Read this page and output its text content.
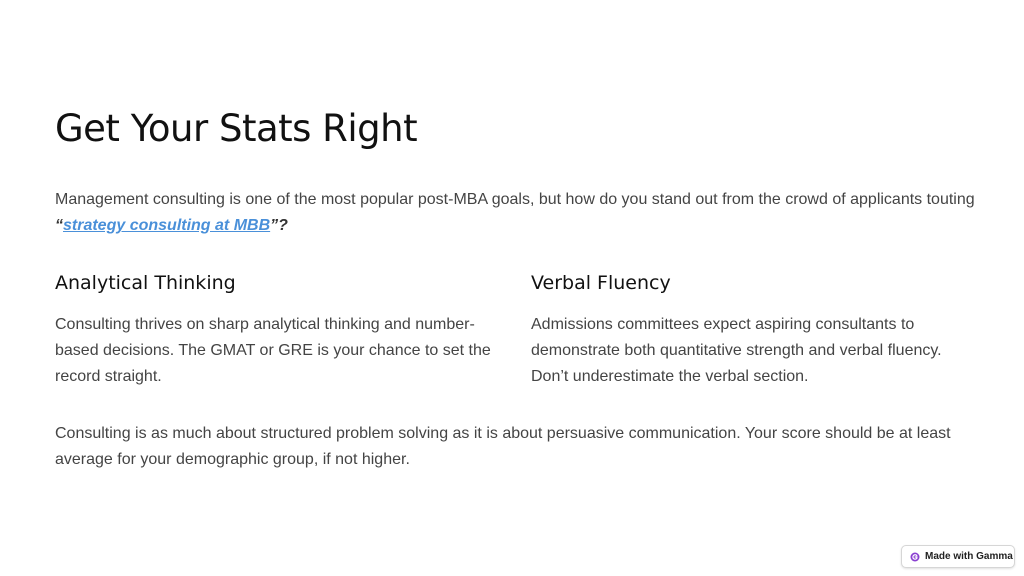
Get Your Stats Right

Management consulting is one of the most popular post-MBA goals, but how do you stand out from the crowd of applicants touting “strategy consulting at MBB”?

Analytical Thinking

Consulting thrives on sharp analytical thinking and number-based decisions. The GMAT or GRE is your chance to set the record straight.

Verbal Fluency

Admissions committees expect aspiring consultants to demonstrate both quantitative strength and verbal fluency. Don’t underestimate the verbal section.

Consulting is as much about structured problem solving as it is about persuasive communication. Your score should be at least average for your demographic group, if not higher.

Made with Gamma
